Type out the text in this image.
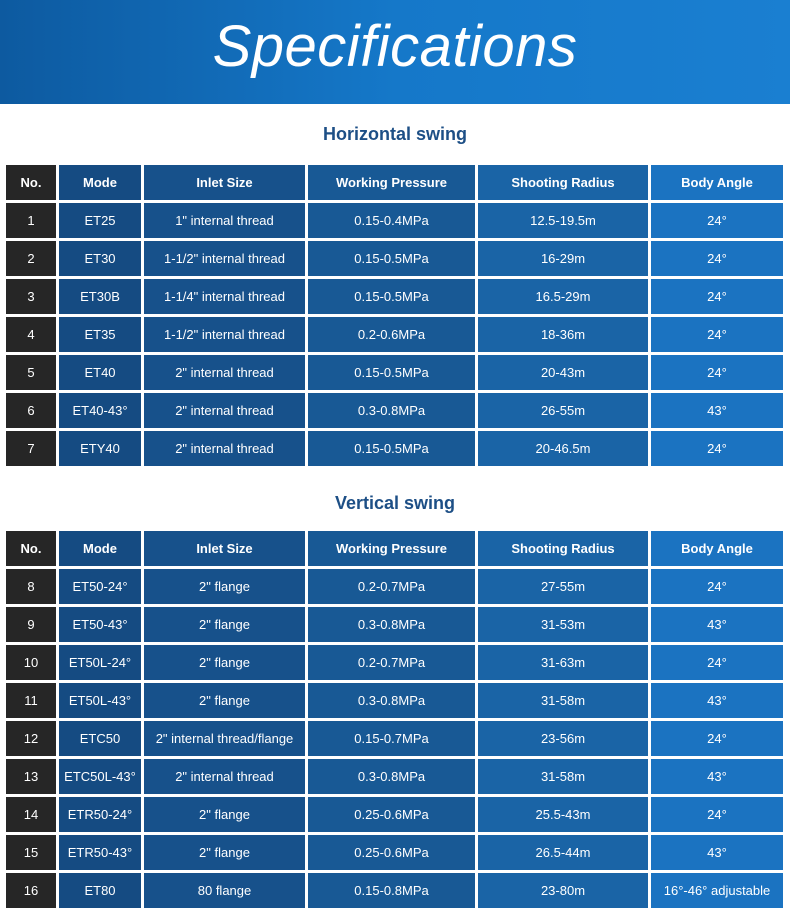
Specifications
Horizontal swing
No.	Mode	Inlet Size	Working Pressure	Shooting Radius	Body Angle
1	ET25	1" internal thread	0.15-0.4MPa	12.5-19.5m	24°
2	ET30	1-1/2" internal thread	0.15-0.5MPa	16-29m	24°
3	ET30B	1-1/4" internal thread	0.15-0.5MPa	16.5-29m	24°
4	ET35	1-1/2" internal thread	0.2-0.6MPa	18-36m	24°
5	ET40	2" internal thread	0.15-0.5MPa	20-43m	24°
6	ET40-43°	2" internal thread	0.3-0.8MPa	26-55m	43°
7	ETY40	2" internal thread	0.15-0.5MPa	20-46.5m	24°
Vertical swing
No.	Mode	Inlet Size	Working Pressure	Shooting Radius	Body Angle
8	ET50-24°	2" flange	0.2-0.7MPa	27-55m	24°
9	ET50-43°	2" flange	0.3-0.8MPa	31-53m	43°
10	ET50L-24°	2" flange	0.2-0.7MPa	31-63m	24°
11	ET50L-43°	2" flange	0.3-0.8MPa	31-58m	43°
12	ETC50	2" internal thread/flange	0.15-0.7MPa	23-56m	24°
13	ETC50L-43°	2" internal thread	0.3-0.8MPa	31-58m	43°
14	ETR50-24°	2" flange	0.25-0.6MPa	25.5-43m	24°
15	ETR50-43°	2" flange	0.25-0.6MPa	26.5-44m	43°
16	ET80	80 flange	0.15-0.8MPa	23-80m	16°-46° adjustable
